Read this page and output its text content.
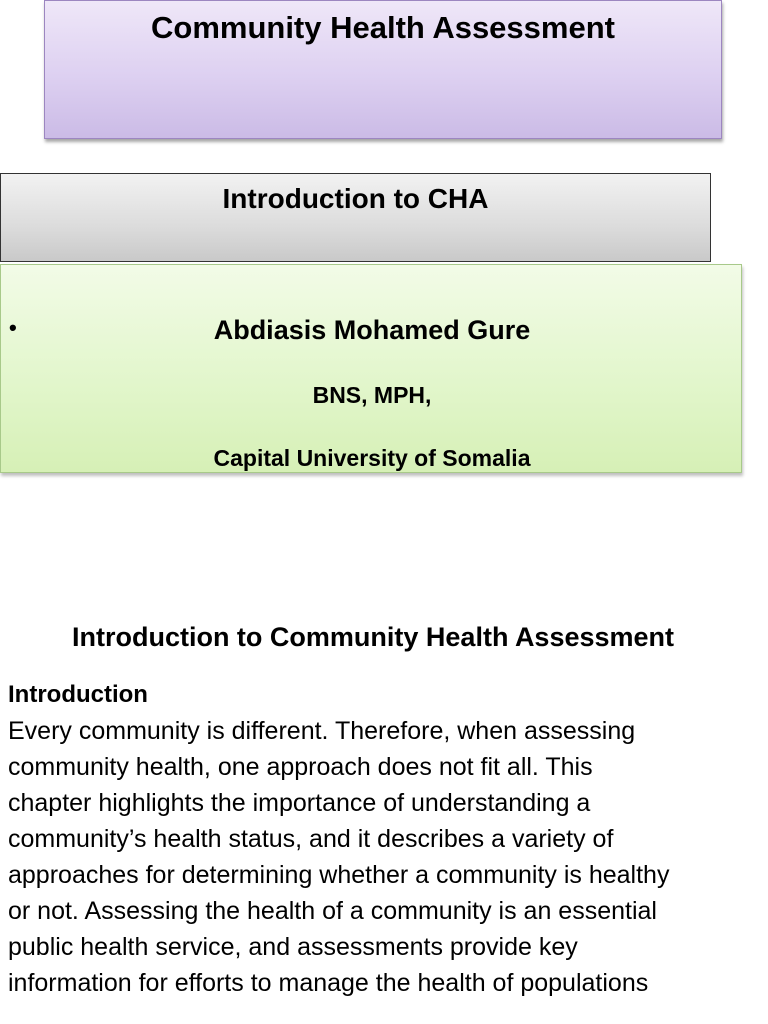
Community Health Assessment
Introduction to CHA
•	Abdiasis Mohamed Gure
BNS, MPH,
Capital University of Somalia
Introduction to Community Health Assessment
Introduction
Every community is different. Therefore, when assessing
community health, one approach does not fit all. This
chapter highlights the importance of understanding a
community’s health status, and it describes a variety of
approaches for determining whether a community is healthy
or not. Assessing the health of a community is an essential
public health service, and assessments provide key
information for efforts to manage the health of populations
